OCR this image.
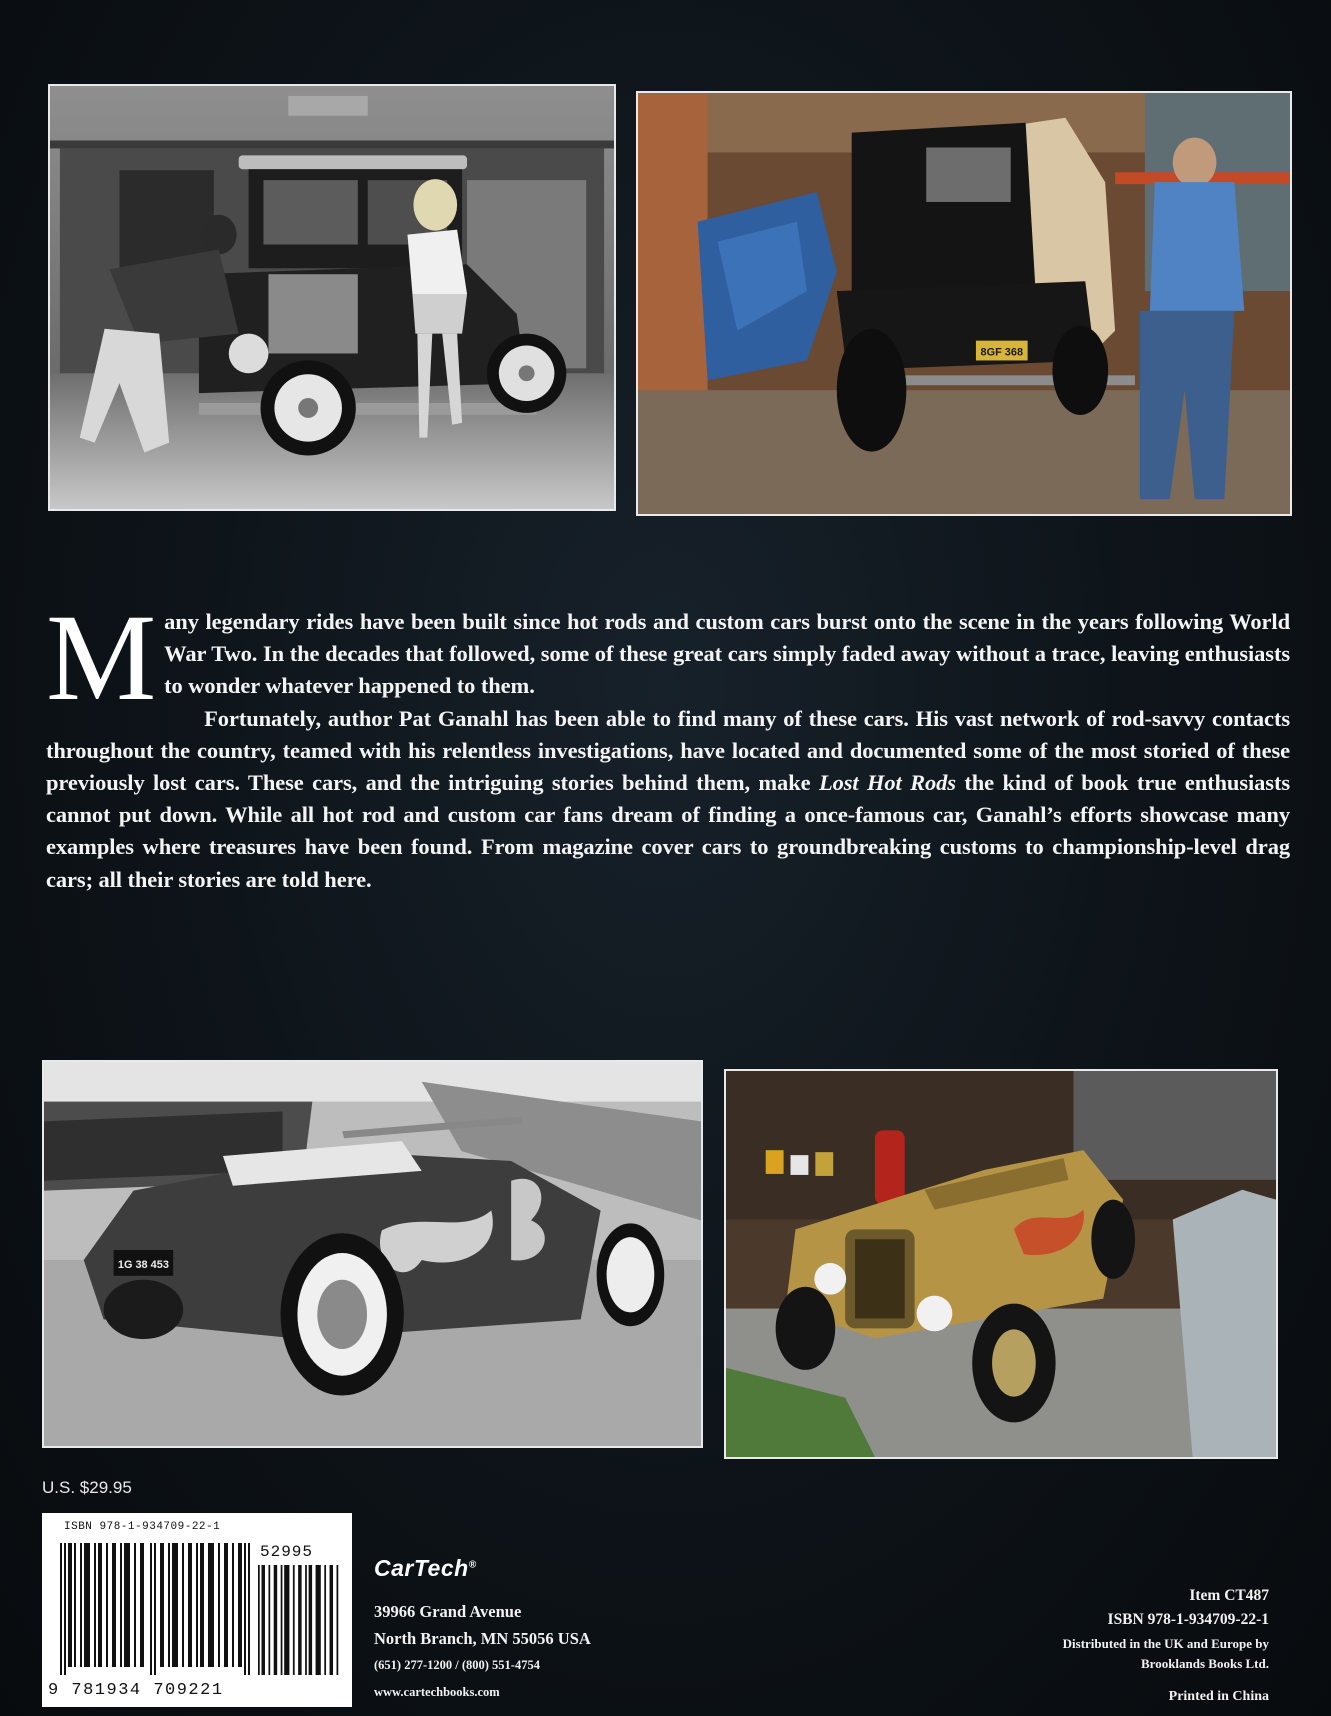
8GF 368

Many legendary rides have been built since hot rods and custom cars burst onto the scene in the years following World War Two. In the decades that followed, some of these great cars simply faded away without a trace, leaving enthusiasts to wonder whatever happened to them.

Fortunately, author Pat Ganahl has been able to find many of these cars. His vast network of rod-savvy contacts throughout the country, teamed with his relentless investigations, have located and documented some of the most storied of these previously lost cars. These cars, and the intriguing stories behind them, make Lost Hot Rods the kind of book true enthusiasts cannot put down. While all hot rod and custom car fans dream of finding a once-famous car, Ganahl’s efforts showcase many examples where treasures have been found. From magazine cover cars to groundbreaking customs to championship-level drag cars; all their stories are told here.

1G 38 453
U.S. $29.95
ISBN 978-1-934709-22-1
52995
9 781934 709221
CarTech®
39966 Grand Avenue
North Branch, MN 55056 USA
(651) 277-1200 / (800) 551-4754
www.cartechbooks.com
Item CT487
ISBN 978-1-934709-22-1
Distributed in the UK and Europe by
Brooklands Books Ltd.
Printed in China
